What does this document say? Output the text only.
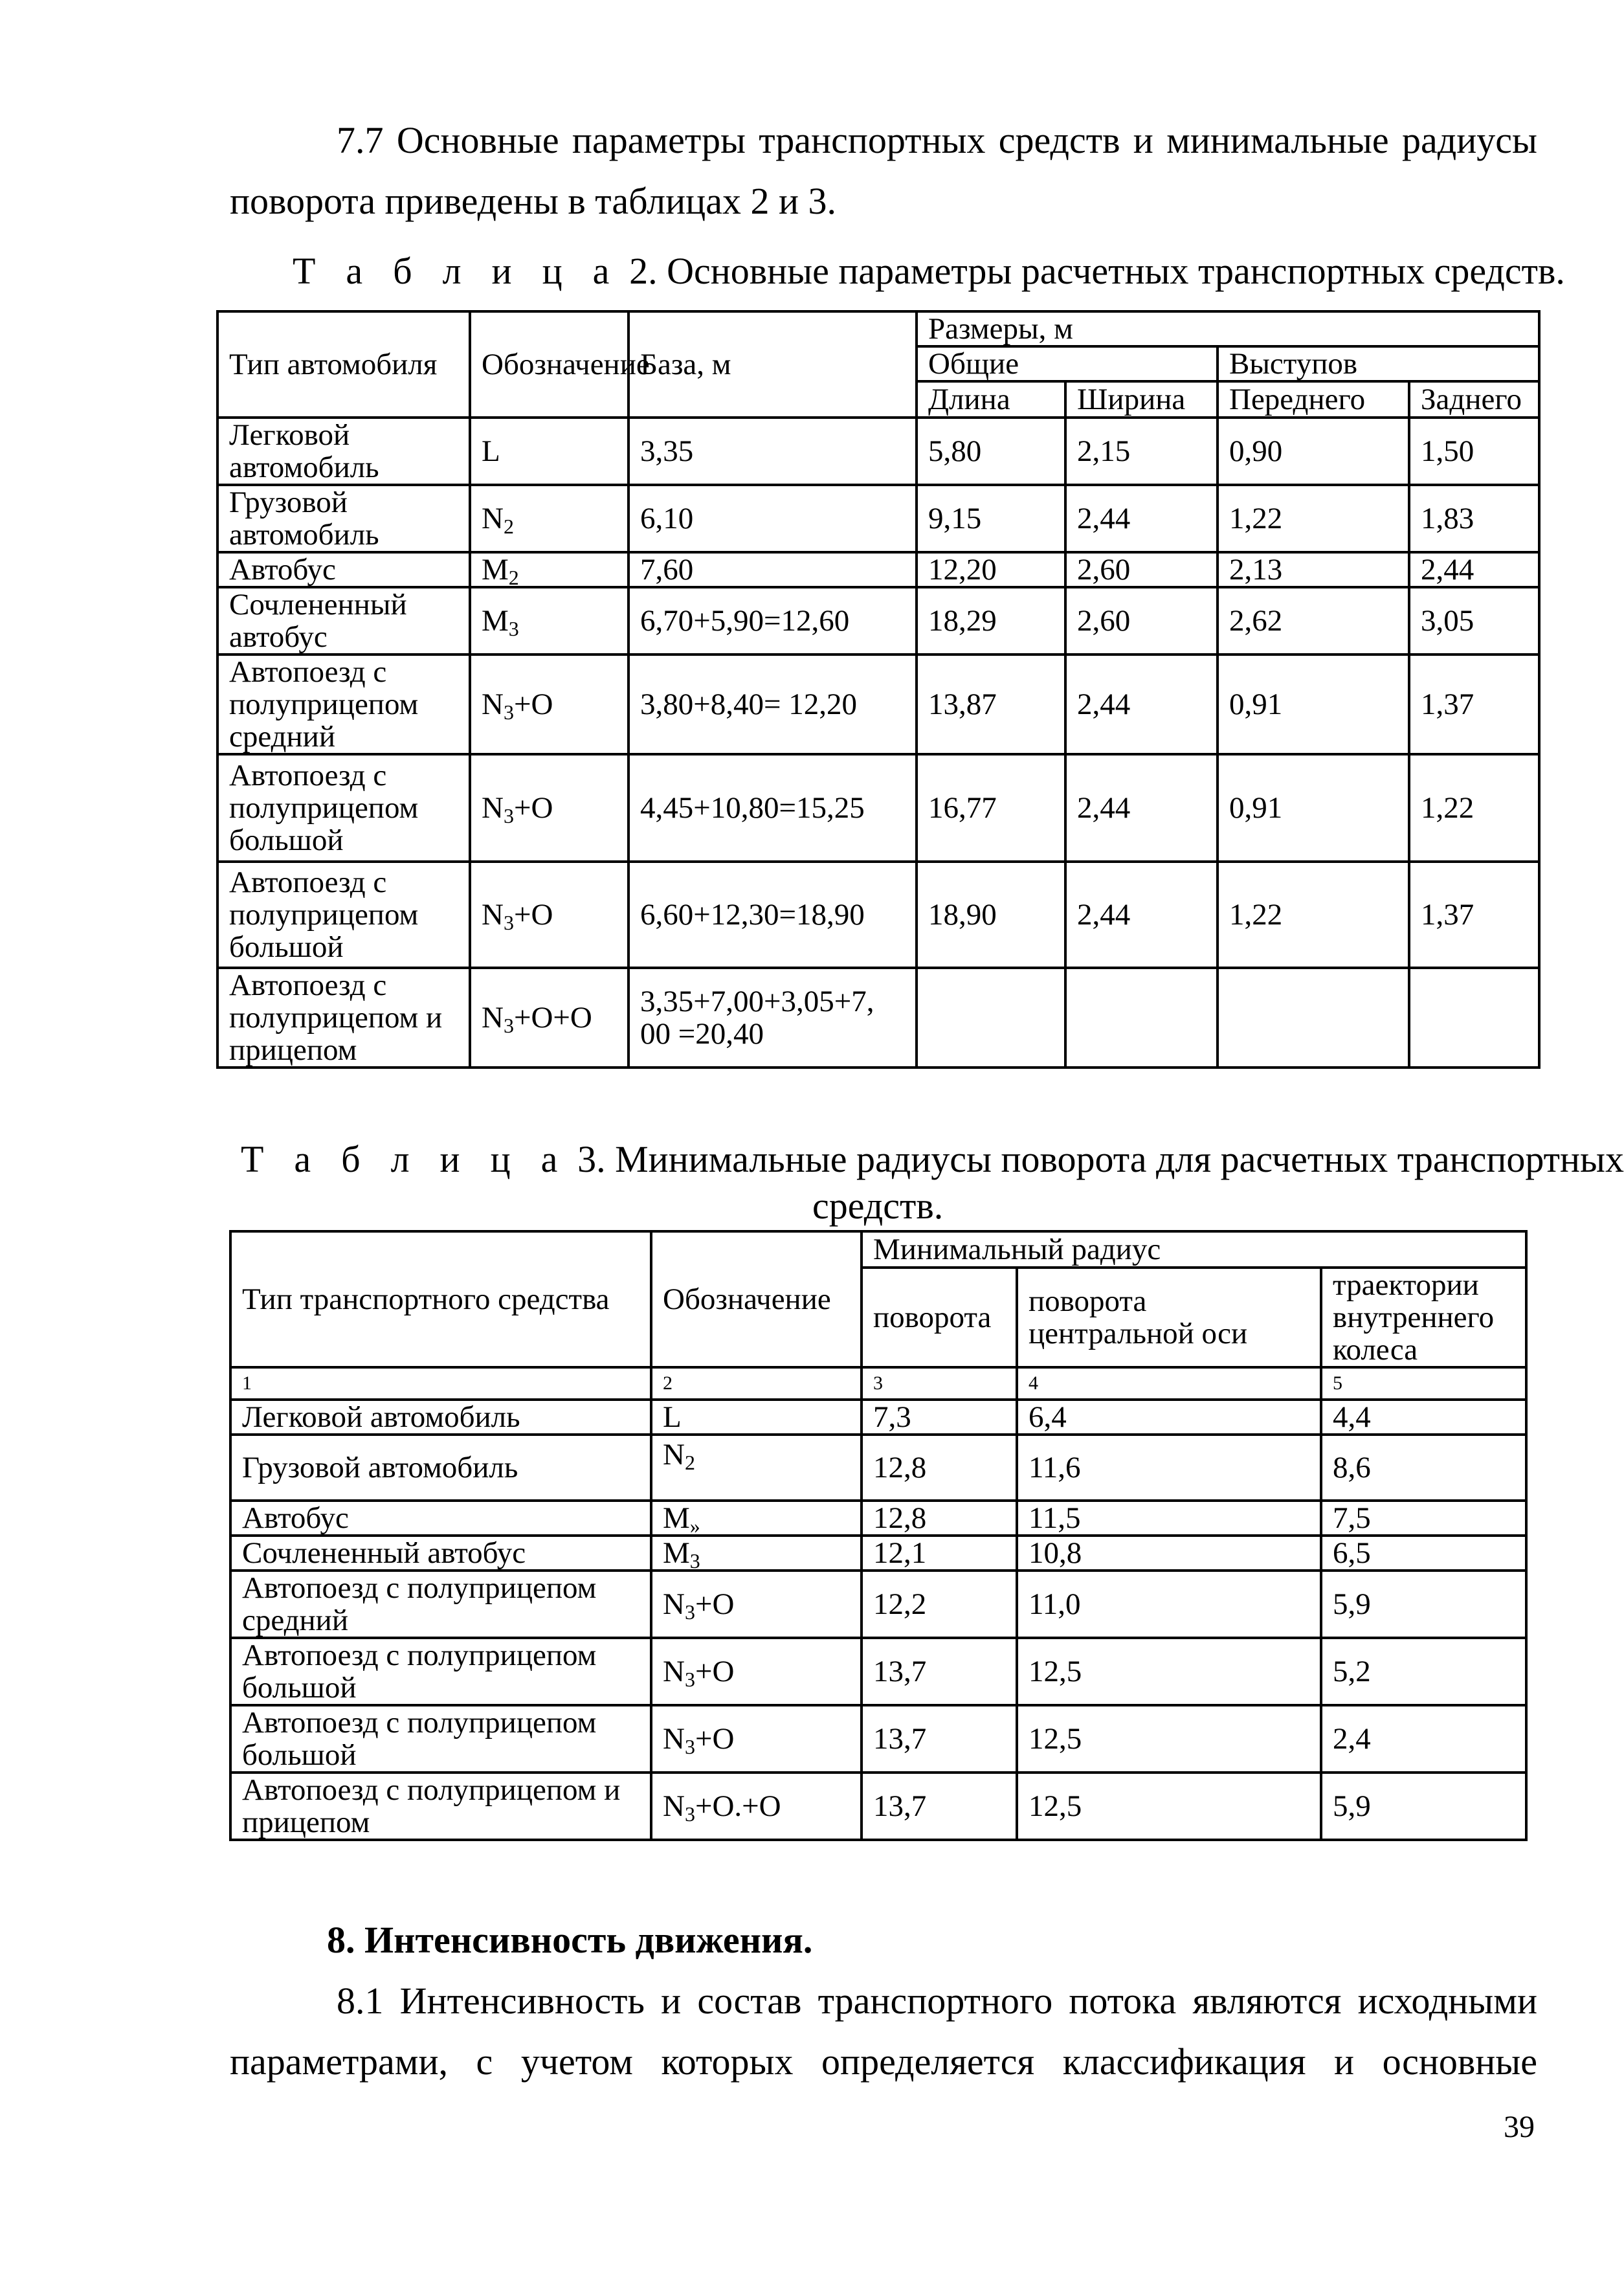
7.7 Основные параметры транспортных средств и минимальные радиусы
поворота приведены в таблицах 2 и 3.
Т а б л и ц а 2. Основные параметры расчетных транспортных средств.
Тип автомобиля	Обозначение	База, м	Размеры, м			
			Общие		Выступов	
			Длина	Ширина	Переднего	Заднего
Легковой автомобиль	L	3,35	5,80	2,15	0,90	1,50
Грузовой автомобиль	$N_2$	6,10	9,15	2,44	1,22	1,83
Автобус	$M_2$	7,60	12,20	2,60	2,13	2,44
Сочлененный автобус	$M_3$	6,70+5,90=12,60	18,29	2,60	2,62	3,05
Автопоезд с полуприцепом средний	$N_3+O$	3,80+8,40= 12,20	13,87	2,44	0,91	1,37
Автопоезд с полуприцепом большой	$N_3+O$	4,45+10,80=15,25	16,77	2,44	0,91	1,22
Автопоезд с полуприцепом большой	$N_3+O$	6,60+12,30=18,90	18,90	2,44	1,22	1,37
Автопоезд с полуприцепом и прицепом	$N_3+O+O$	3,35+7,00+3,05+7, 00 =20,40				
Т а б л и ц а 3. Минимальные радиусы поворота для расчетных транспортных
средств.
Тип транспортного средства	Обозначение	Минимальный радиус		
		поворота	поворота центральной оси	траектории внутреннего колеса
1	2	3	4	5
Легковой автомобиль	L	7,3	6,4	4,4
Грузовой автомобиль	$N_2$	12,8	11,6	8,6
Автобус	$M_»$	12,8	11,5	7,5
Сочлененный автобус	$M_3$	12,1	10,8	6,5
Автопоезд с полуприцепом средний	$N_3+O$	12,2	11,0	5,9
Автопоезд с полуприцепом большой	$N_3+O$	13,7	12,5	5,2
Автопоезд с полуприцепом большой	$N_3+O$	13,7	12,5	2,4
Автопоезд с полуприцепом и прицепом	$N_3+O.+O$	13,7	12,5	5,9
8. Интенсивность движения.
8.1 Интенсивность и состав транспортного потока являются исходными
параметрами, с учетом которых определяется классификация и основные
39
